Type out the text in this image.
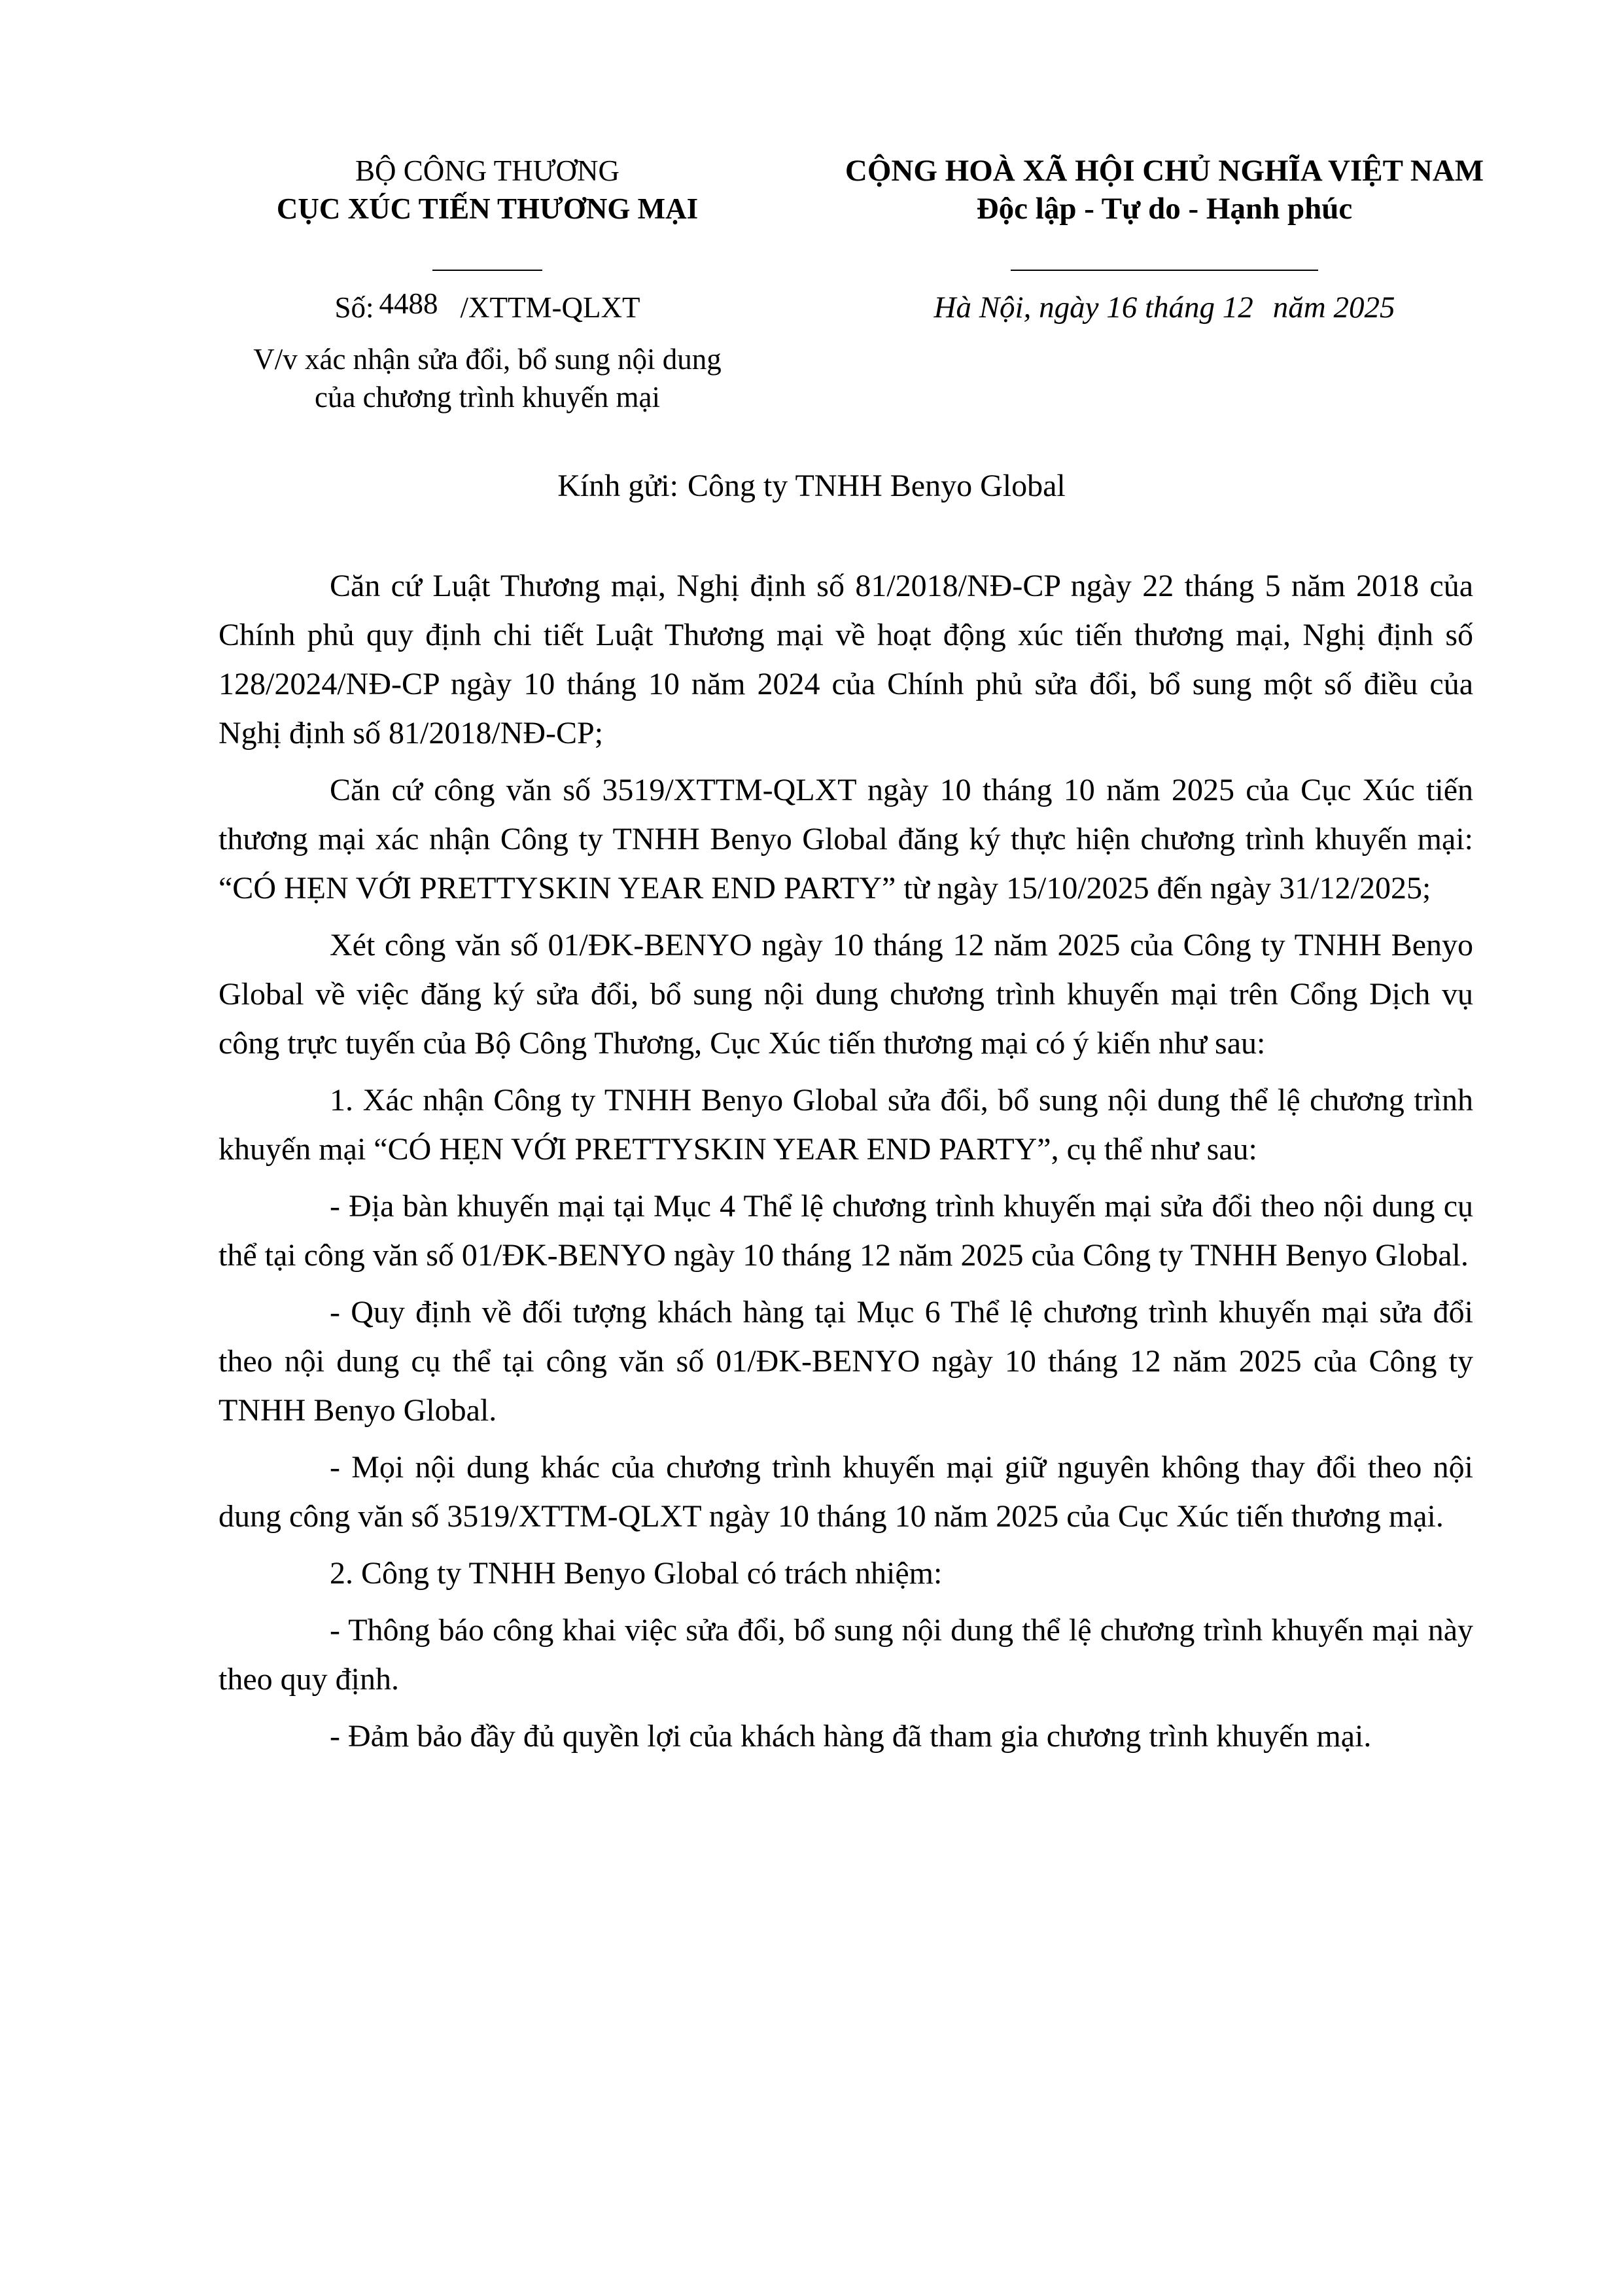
BỘ CÔNG THƯƠNG
CỤC XÚC TIẾN THƯƠNG MẠI
Số: 4488 /XTTM-QLXT
V/v xác nhận sửa đổi, bổ sung nội dung
của chương trình khuyến mại
CỘNG HOÀ XÃ HỘI CHỦ NGHĨA VIỆT NAM
Độc lập - Tự do - Hạnh phúc
Hà Nội, ngày 16 tháng 12 năm 2025
Kính gửi: Công ty TNHH Benyo Global

Căn cứ Luật Thương mại, Nghị định số 81/2018/NĐ-CP ngày 22 tháng 5 năm 2018 của Chính phủ quy định chi tiết Luật Thương mại về hoạt động xúc tiến thương mại, Nghị định số 128/2024/NĐ-CP ngày 10 tháng 10 năm 2024 của Chính phủ sửa đổi, bổ sung một số điều của Nghị định số 81/2018/NĐ-CP;

Căn cứ công văn số 3519/XTTM-QLXT ngày 10 tháng 10 năm 2025 của Cục Xúc tiến thương mại xác nhận Công ty TNHH Benyo Global đăng ký thực hiện chương trình khuyến mại: “CÓ HẸN VỚI PRETTYSKIN YEAR END PARTY” từ ngày 15/10/2025 đến ngày 31/12/2025;

Xét công văn số 01/ĐK-BENYO ngày 10 tháng 12 năm 2025 của Công ty TNHH Benyo Global về việc đăng ký sửa đổi, bổ sung nội dung chương trình khuyến mại trên Cổng Dịch vụ công trực tuyến của Bộ Công Thương, Cục Xúc tiến thương mại có ý kiến như sau:

1. Xác nhận Công ty TNHH Benyo Global sửa đổi, bổ sung nội dung thể lệ chương trình khuyến mại “CÓ HẸN VỚI PRETTYSKIN YEAR END PARTY”, cụ thể như sau:

- Địa bàn khuyến mại tại Mục 4 Thể lệ chương trình khuyến mại sửa đổi theo nội dung cụ thể tại công văn số 01/ĐK-BENYO ngày 10 tháng 12 năm 2025 của Công ty TNHH Benyo Global.

- Quy định về đối tượng khách hàng tại Mục 6 Thể lệ chương trình khuyến mại sửa đổi theo nội dung cụ thể tại công văn số 01/ĐK-BENYO ngày 10 tháng 12 năm 2025 của Công ty TNHH Benyo Global.

- Mọi nội dung khác của chương trình khuyến mại giữ nguyên không thay đổi theo nội dung công văn số 3519/XTTM-QLXT ngày 10 tháng 10 năm 2025 của Cục Xúc tiến thương mại.

2. Công ty TNHH Benyo Global có trách nhiệm:

- Thông báo công khai việc sửa đổi, bổ sung nội dung thể lệ chương trình khuyến mại này theo quy định.

- Đảm bảo đầy đủ quyền lợi của khách hàng đã tham gia chương trình khuyến mại.
